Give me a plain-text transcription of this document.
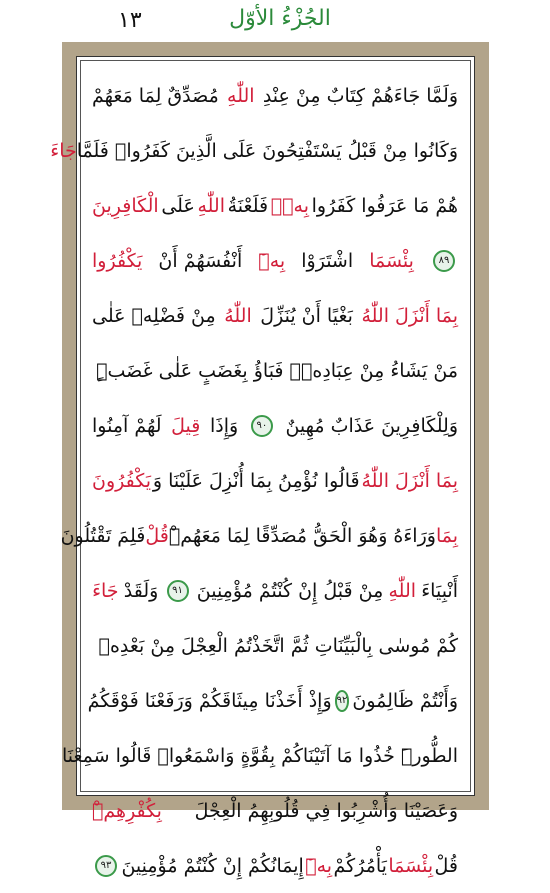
الجُزْءُ الأوّل
١٣
وَلَمَّا جَاءَهُمْ كِتَابٌ مِنْ عِنْدِ
اللّٰهِ
مُصَدِّقٌ لِمَا مَعَهُمْ
وَكَانُوا مِنْ قَبْلُ يَسْتَفْتِحُونَ عَلَى الَّذِينَ كَفَرُواۚ فَلَمَّا
جَاءَ
هُمْ مَا عَرَفُوا كَفَرُوا
بِهٖۘ
فَلَعْنَةُ
اللّٰهِ
عَلَى
الْكَافِرِينَ
٨٩
بِئْسَمَا
اشْتَرَوْا
بِهٖٓ
أَنْفُسَهُمْ أَنْ
يَكْفُرُوا
بِمَا أَنْزَلَ اللّٰهُ
بَغْيًا أَنْ يُنَزِّلَ
اللّٰهُ
مِنْ فَضْلِهٖ عَلٰى
مَنْ يَشَاءُ مِنْ عِبَادِهٖۚ فَبَاؤُ بِغَضَبٍ عَلٰى غَضَبٍۜ
وَلِلْكَافِرِينَ عَذَابٌ مُهِينٌ
٩٠
وَإِذَا
قِيلَ
لَهُمْ آمِنُوا
بِمَا أَنْزَلَ اللّٰهُ
قَالُوا نُؤْمِنُ بِمَا أُنْزِلَ عَلَيْنَا وَ
يَكْفُرُونَ
بِمَا
وَرَاءَهُ وَهُوَ الْحَقُّ مُصَدِّقًا لِمَا مَعَهُمْۜ
قُلْ
فَلِمَ تَقْتُلُونَ
أَنْبِيَاءَ
اللّٰهِ
مِنْ قَبْلُ إِنْ كُنْتُمْ مُؤْمِنِينَ
٩١
وَلَقَدْ
جَاءَ
كُمْ مُوسٰى بِالْبَيِّنَاتِ ثُمَّ اتَّخَذْتُمُ الْعِجْلَ مِنْ بَعْدِهٖ
وَأَنْتُمْ ظَالِمُونَ
٩٢
وَإِذْ أَخَذْنَا مِيثَاقَكُمْ وَرَفَعْنَا فَوْقَكُمُ
الطُّورَۜ خُذُوا مَا آتَيْنَاكُمْ بِقُوَّةٍ وَاسْمَعُواۜ قَالُوا سَمِعْنَا
وَعَصَيْنَا وَأُشْرِبُوا فِي قُلُوبِهِمُ الْعِجْلَ
بِكُفْرِهِمْۜ
قُلْ
بِئْسَمَا
يَأْمُرُكُمْ
بِهٖٓ
إِيمَانُكُمْ إِنْ كُنْتُمْ مُؤْمِنِينَ
٩٣
